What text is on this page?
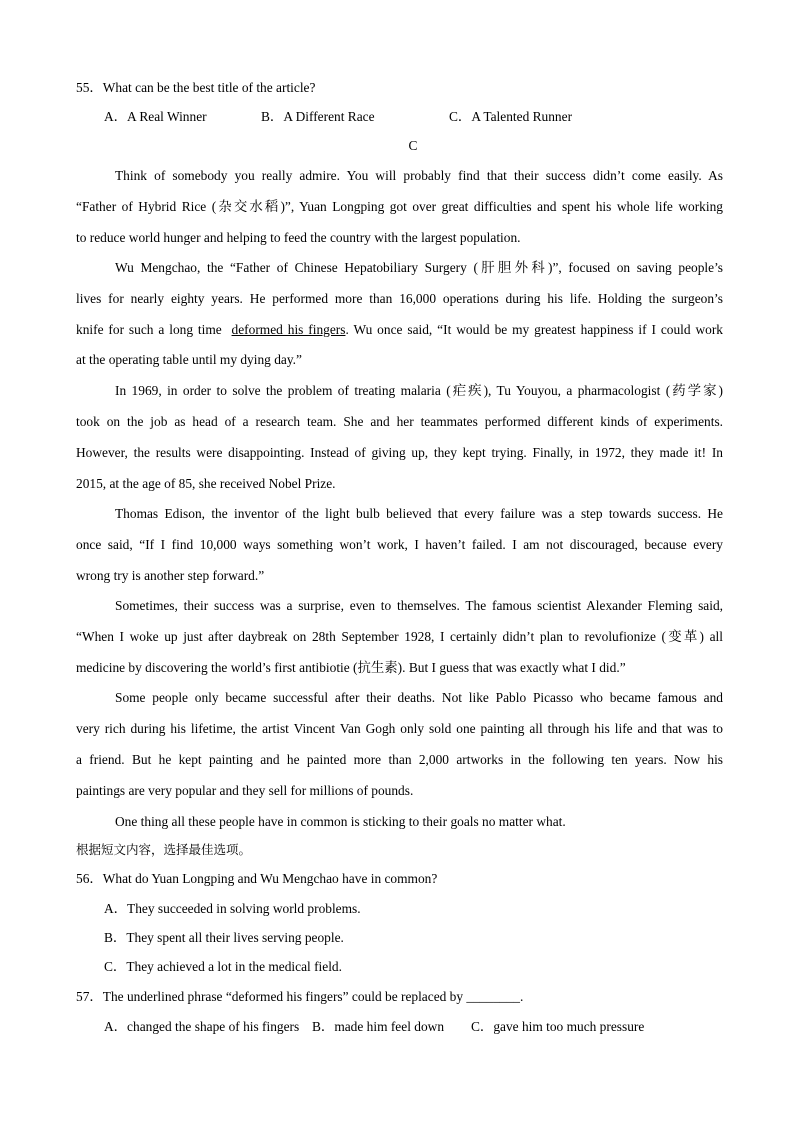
55．What can be the best title of the article?
A．A Real Winner	B．A Different Race	C．A Talented Runner
C
Think of somebody you really admire. You will probably find that their success didn’t come easily. As
“Father of Hybrid Rice (杂交水稻)”, Yuan Longping got over great difficulties and spent his whole life working
to reduce world hunger and helping to feed the country with the largest population.
Wu Mengchao, the “Father of Chinese Hepatobiliary Surgery (肝胆外科)”, focused on saving people’s
lives for nearly eighty years. He performed more than 16,000 operations during his life. Holding the surgeon’s
knife for such a long time  deformed his fingers. Wu once said, “It would be my greatest happiness if I could work
at the operating table until my dying day.”
In 1969, in order to solve the problem of treating malaria (疟疾), Tu Youyou, a pharmacologist (药学家)
took on the job as head of a research team. She and her teammates performed different kinds of experiments.
However, the results were disappointing. Instead of giving up, they kept trying. Finally, in 1972, they made it! In
2015, at the age of 85, she received Nobel Prize.
Thomas Edison, the inventor of the light bulb believed that every failure was a step towards success. He
once said, “If I find 10,000 ways something won’t work, I haven’t failed. I am not discouraged, because every
wrong try is another step forward.”
Sometimes, their success was a surprise, even to themselves. The famous scientist Alexander Fleming said,
“When I woke up just after daybreak on 28th September 1928, I certainly didn’t plan to revolufionize (变革) all
medicine by discovering the world’s first antibiotie (抗生素). But I guess that was exactly what I did.”
Some people only became successful after their deaths. Not like Pablo Picasso who became famous and
very rich during his lifetime, the artist Vincent Van Gogh only sold one painting all through his life and that was to
a friend. But he kept painting and he painted more than 2,000 artworks in the following ten years. Now his
paintings are very popular and they sell for millions of pounds.
One thing all these people have in common is sticking to their goals no matter what.
根据短文内容，选择最佳选项。
56．What do Yuan Longping and Wu Mengchao have in common?
A．They succeeded in solving world problems.
B．They spent all their lives serving people.
C．They achieved a lot in the medical field.
57．The underlined phrase “deformed his fingers” could be replaced by ________.
A．changed the shape of his fingers B．made him feel down C．gave him too much pressure
